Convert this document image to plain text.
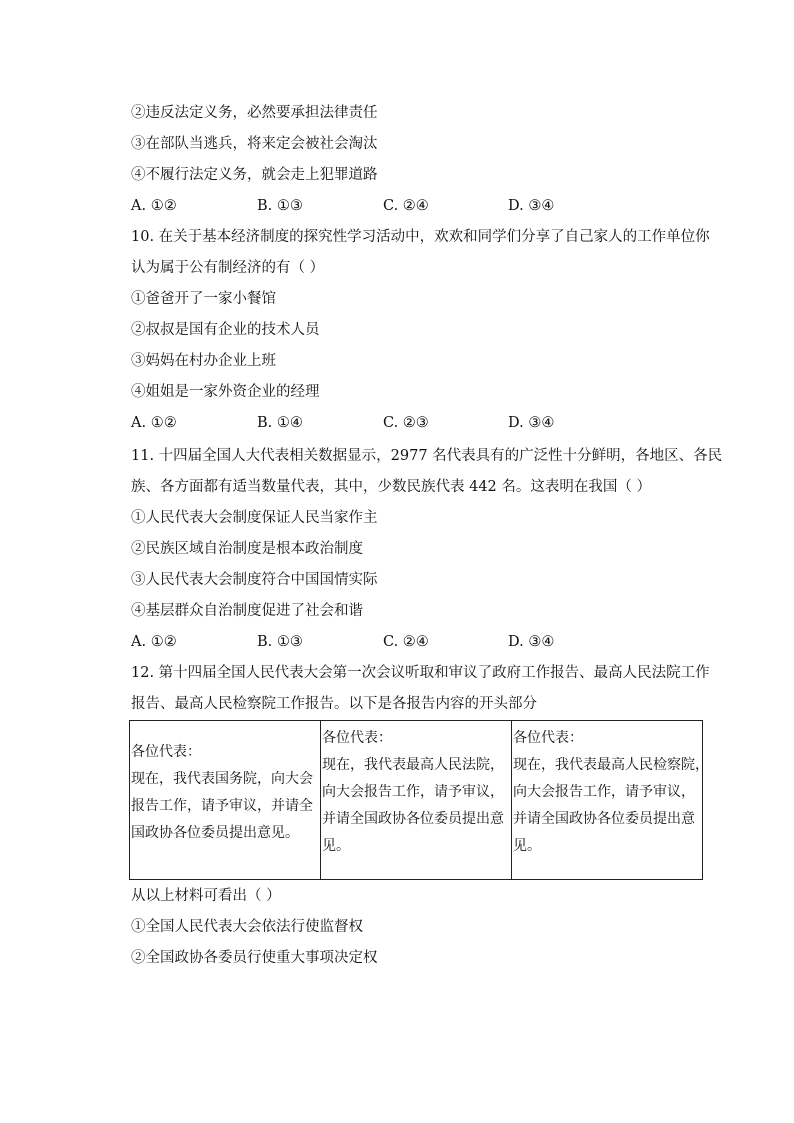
②违反法定义务，必然要承担法律责任
③在部队当逃兵，将来定会被社会淘汰
④不履行法定义务，就会走上犯罪道路
A. ①②	B. ①③	C. ②④	D. ③④
10. 在关于基本经济制度的探究性学习活动中，欢欢和同学们分享了自己家人的工作单位你
认为属于公有制经济的有（ ）
①爸爸开了一家小餐馆
②叔叔是国有企业的技术人员
③妈妈在村办企业上班
④姐姐是一家外资企业的经理
A. ①②	B. ①④	C. ②③	D. ③④
11. 十四届全国人大代表相关数据显示，2977 名代表具有的广泛性十分鲜明，各地区、各民
族、各方面都有适当数量代表，其中，少数民族代表 442 名。这表明在我国（ ）
①人民代表大会制度保证人民当家作主
②民族区域自治制度是根本政治制度
③人民代表大会制度符合中国国情实际
④基层群众自治制度促进了社会和谐
A. ①②	B. ①③	C. ②④	D. ③④
12. 第十四届全国人民代表大会第一次会议听取和审议了政府工作报告、最高人民法院工作
报告、最高人民检察院工作报告。以下是各报告内容的开头部分
各位代表：
现在，我代表国务院，向大会
报告工作，请予审议，并请全
国政协各位委员提出意见。

各位代表：
现在，我代表最高人民法院，
向大会报告工作，请予审议，
并请全国政协各位委员提出意
见。

各位代表：
现在，我代表最高人民检察院，
向大会报告工作，请予审议，
并请全国政协各位委员提出意
见。
从以上材料可看出（ ）
①全国人民代表大会依法行使监督权
②全国政协各委员行使重大事项决定权
